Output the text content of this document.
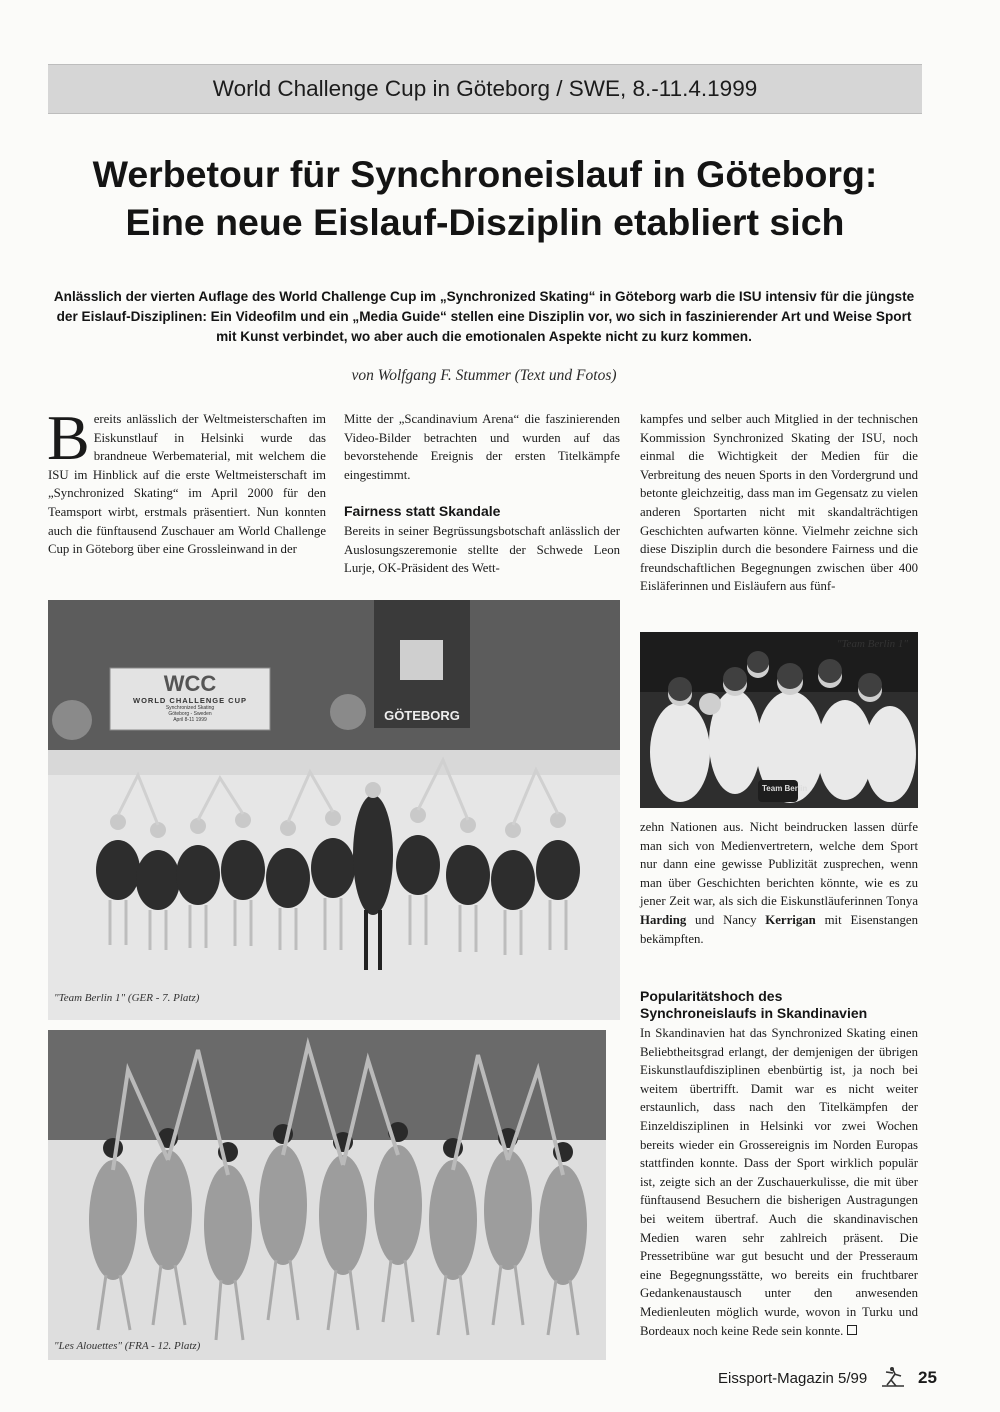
World Challenge Cup in Göteborg / SWE, 8.-11.4.1999
Werbetour für Synchroneislauf in Göteborg:
Eine neue Eislauf-Disziplin etabliert sich

Anlässlich der vierten Auflage des World Challenge Cup im „Synchronized Skating“ in Göteborg warb die ISU intensiv für die jüngste der Eislauf-Disziplinen: Ein Videofilm und ein „Media Guide“ stellen eine Disziplin vor, wo sich in faszinierender Art und Weise Sport mit Kunst verbindet, wo aber auch die emotionalen Aspekte nicht zu kurz kommen.

von Wolfgang F. Stummer (Text und Fotos)

B ereits anlässlich der Weltmeisterschaften im Eiskunstlauf in Helsinki wurde das brandneue Werbematerial, mit welchem die ISU im Hinblick auf die erste Weltmeisterschaft im „Synchronized Skating“ im April 2000 für den Teamsport wirbt, erstmals präsentiert. Nun konnten auch die fünftausend Zuschauer am World Challenge Cup in Göteborg über eine Grossleinwand in der

Mitte der „Scandinavium Arena“ die faszinierenden Video-Bilder betrachten und wurden auf das bevorstehende Ereignis der ersten Titelkämpfe eingestimmt.

Fairness statt Skandale

Bereits in seiner Begrüssungsbotschaft anlässlich der Auslosungszeremonie stellte der Schwede Leon Lurje, OK-Präsident des Wett-

kampfes und selber auch Mitglied in der technischen Kommission Synchronized Skating der ISU, noch einmal die Wichtigkeit der Medien für die Verbreitung des neuen Sports in den Vordergrund und betonte gleichzeitig, dass man im Gegensatz zu vielen anderen Sportarten nicht mit skandalträchtigen Geschichten aufwarten könne. Vielmehr zeichne sich diese Disziplin durch die besondere Fairness und die freundschaftlichen Begegnungen zwischen über 400 Eisläferinnen und Eisläufern aus fünf-

"Team Berlin 1"
Team Berlin

zehn Nationen aus. Nicht beindrucken lassen dürfe man sich von Medienvertretern, welche dem Sport nur dann eine gewisse Publizität zusprechen, wenn man über Geschichten berichten könnte, wie es zu jener Zeit war, als sich die Eiskunstläuferinnen Tonya Harding und Nancy Kerrigan mit Eisenstangen bekämpften.

Popularitätshoch des Synchroneislaufs in Skandinavien

In Skandinavien hat das Synchronized Skating einen Beliebtheitsgrad erlangt, der demjenigen der übrigen Eiskunstlaufdisziplinen ebenbürtig ist, ja noch bei weitem übertrifft. Damit war es nicht weiter erstaunlich, dass nach den Titelkämpfen der Einzeldisziplinen in Helsinki vor zwei Wochen bereits wieder ein Grossereignis im Norden Europas stattfinden konnte. Dass der Sport wirklich populär ist, zeigte sich an der Zuschauerkulisse, die mit über fünftausend Besuchern die bisherigen Austragungen bei weitem übertraf. Auch die skandinavischen Medien waren sehr zahlreich präsent. Die Pressetribüne war gut besucht und der Presseraum eine Begegnungsstätte, wo bereits ein fruchtbarer Gedankenaustausch unter den anwesenden Medienleuten möglich wurde, wovon in Turku und Bordeaux noch keine Rede sein konnte.

WCC
WORLD CHALLENGE CUP
Synchronized Skating
Göteborg - Sweden
April 8-11 1999	GÖTEBORG
"Team Berlin 1" (GER - 7. Platz)
"Les Alouettes" (FRA - 12. Platz)
Eissport-Magazin 5/99	25
